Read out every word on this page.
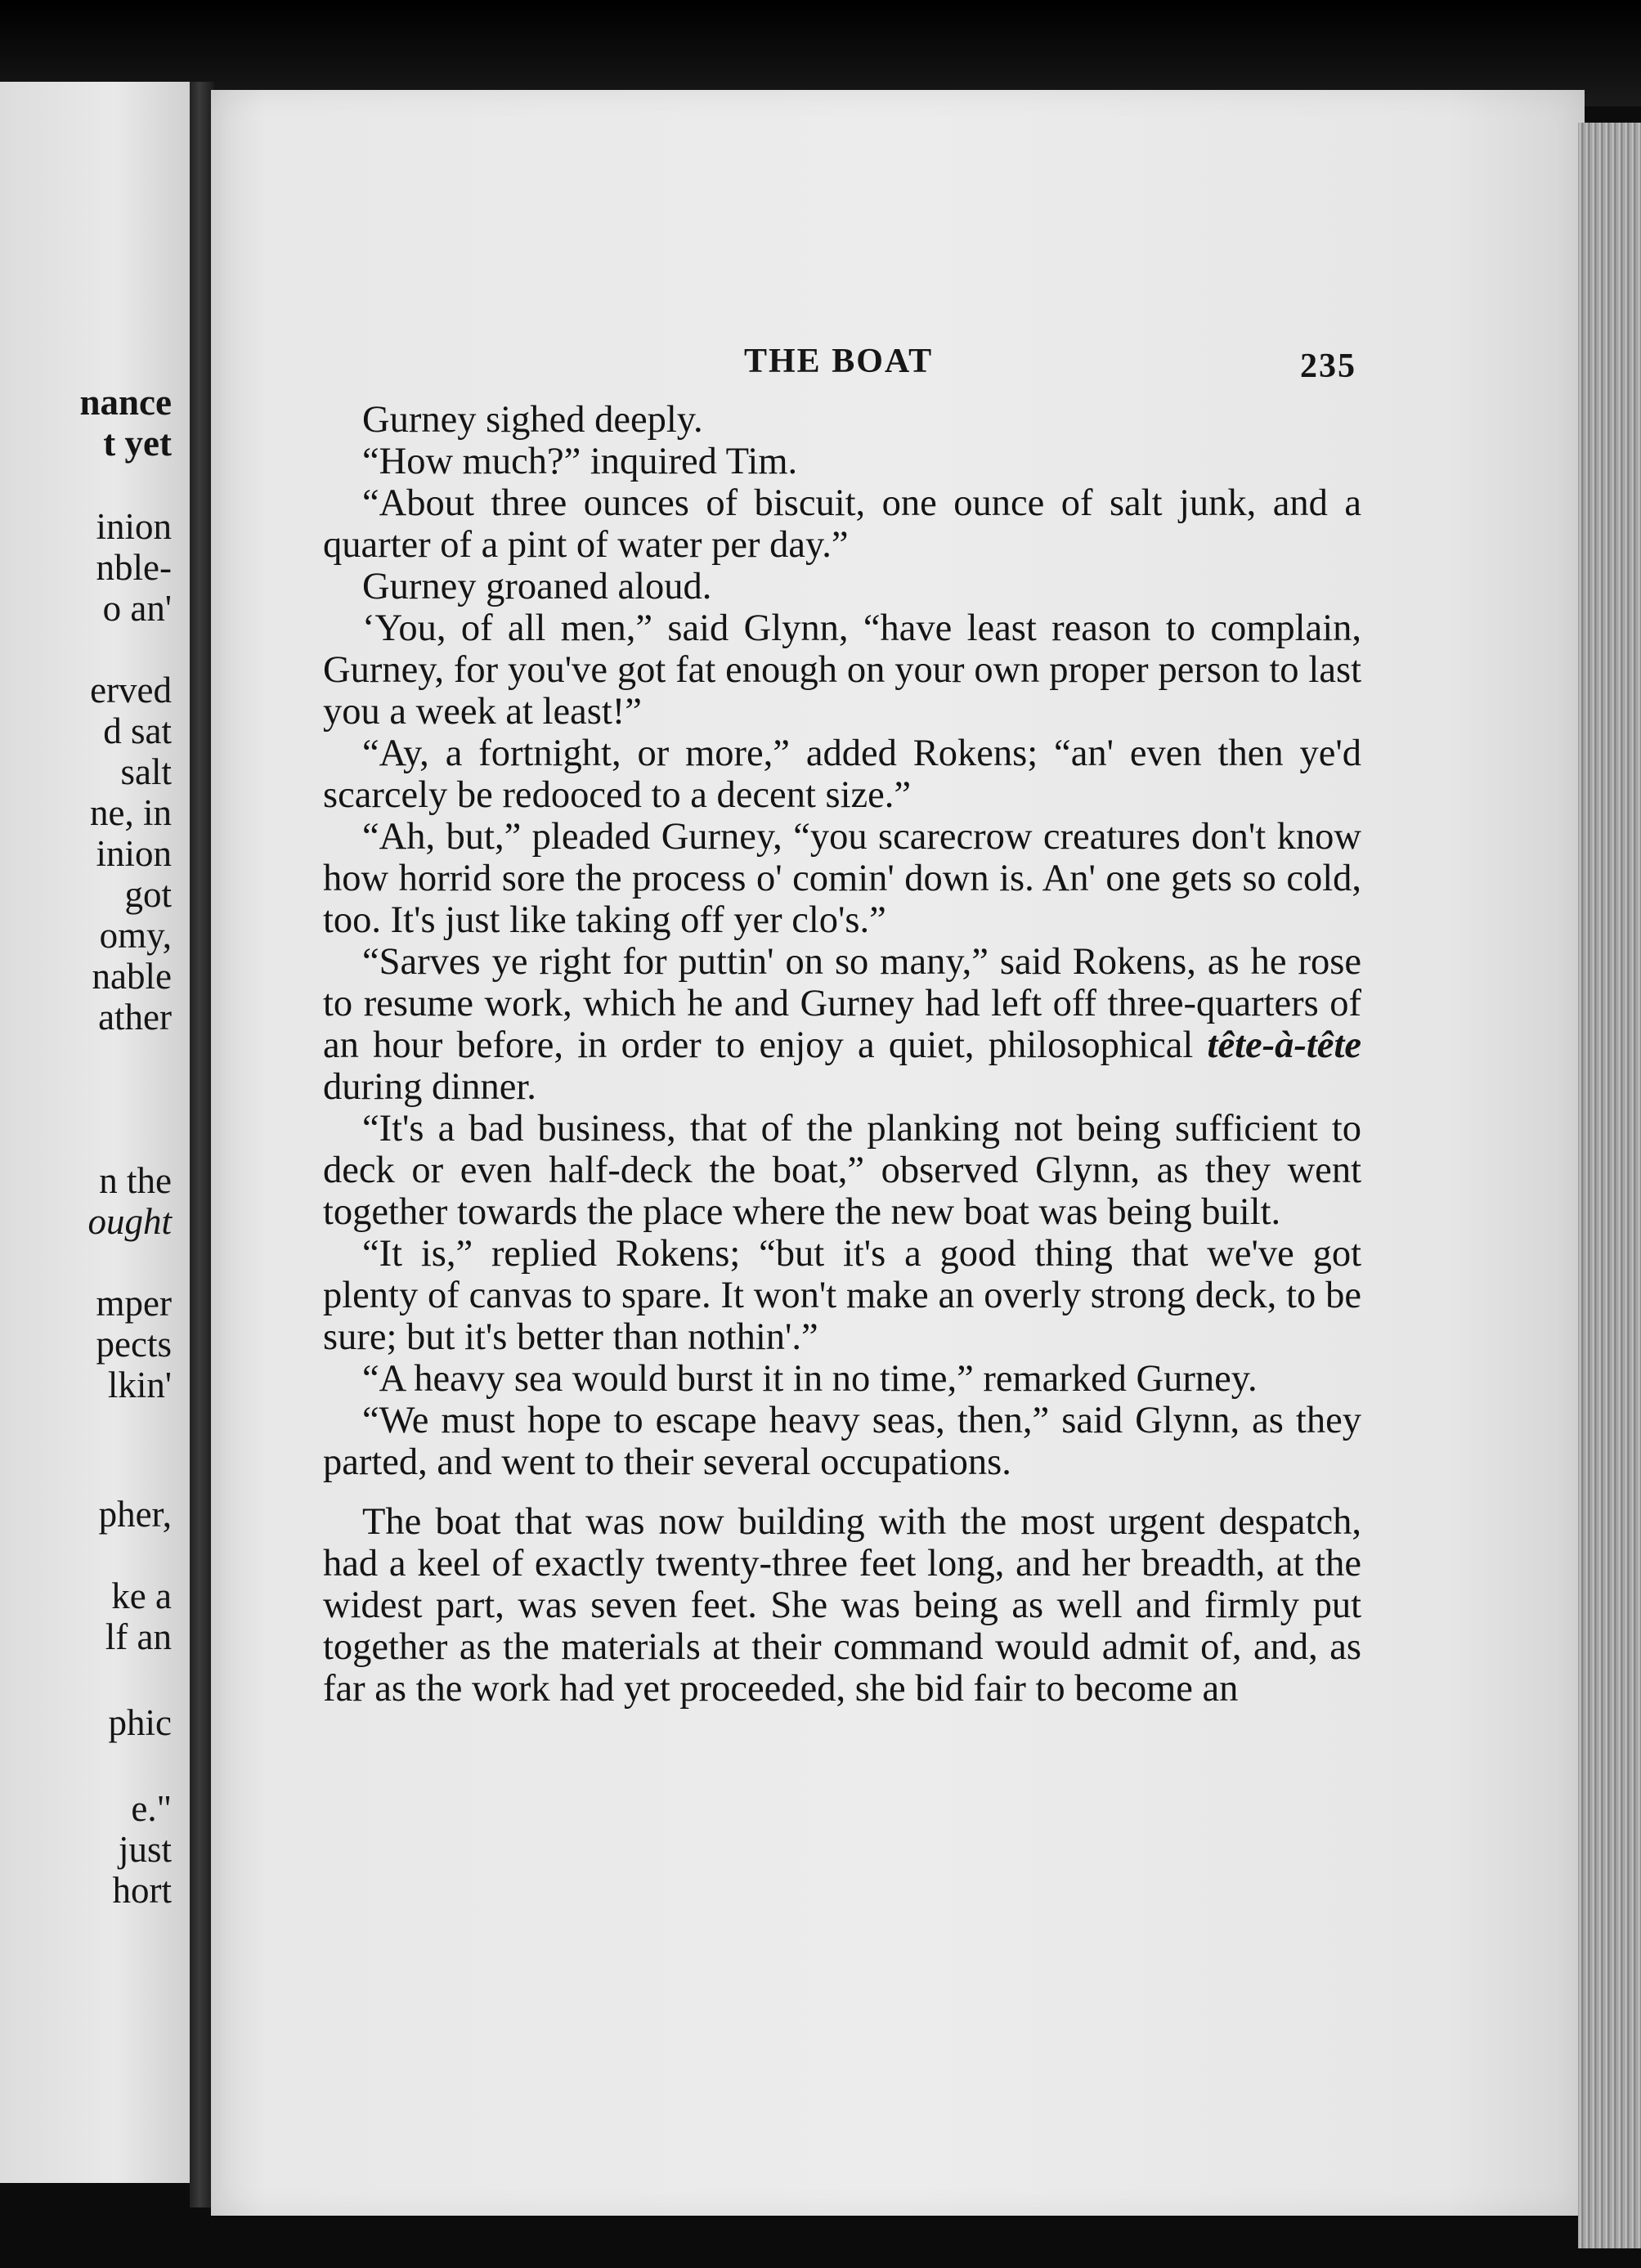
nance
t yet
inion
nble-
o an'
erved
d sat
salt
ne, in
inion
got
omy,
nable
ather
n the
ought
mper
pects
lkin'
pher,
ke a
lf an
phic
e."
just
hort
THE BOAT	235

Gurney sighed deeply.

“How much?” inquired Tim.

“About three ounces of biscuit, one ounce of salt junk, and a quarter of a pint of water per day.”

Gurney groaned aloud.

‘You, of all men,” said Glynn, “have least reason to complain, Gurney, for you've got fat enough on your own proper person to last you a week at least!”

“Ay, a fortnight, or more,” added Rokens; “an' even then ye'd scarcely be redooced to a decent size.”

“Ah, but,” pleaded Gurney, “you scarecrow creatures don't know how horrid sore the process o' comin' down is. An' one gets so cold, too. It's just like taking off yer clo's.”

“Sarves ye right for puttin' on so many,” said Rokens, as he rose to resume work, which he and Gurney had left off three-quarters of an hour before, in order to enjoy a quiet, philosophical tête-à-tête during dinner.

“It's a bad business, that of the planking not being sufficient to deck or even half-deck the boat,” observed Glynn, as they went together towards the place where the new boat was being built.

“It is,” replied Rokens; “but it's a good thing that we've got plenty of canvas to spare. It won't make an overly strong deck, to be sure; but it's better than nothin'.”

“A heavy sea would burst it in no time,” remarked Gurney.

“We must hope to escape heavy seas, then,” said Glynn, as they parted, and went to their several occupations.

The boat that was now building with the most urgent despatch, had a keel of exactly twenty-three feet long, and her breadth, at the widest part, was seven feet. She was being as well and firmly put together as the materials at their command would admit of, and, as far as the work had yet proceeded, she bid fair to become an
